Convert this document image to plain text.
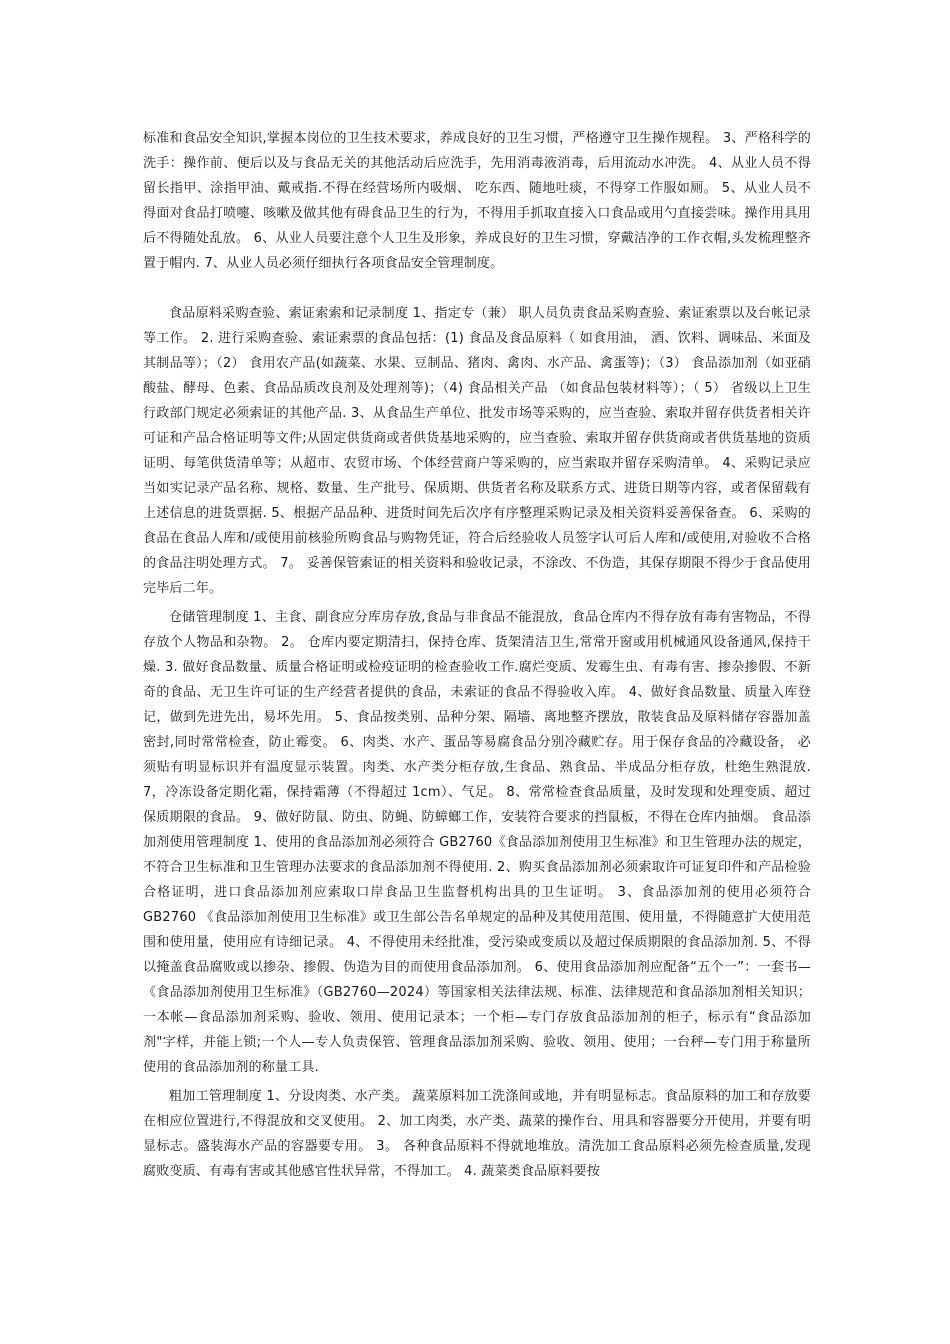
标准和食品安全知识,掌握本岗位的卫生技术要求，养成良好的卫生习惯，严格遵守卫生操作规程。 3、严格科学的洗手：操作前、便后以及与食品无关的其他活动后应洗手，先用消毒液消毒，后用流动水冲洗。 4、从业人员不得留长指甲、涂指甲油、戴戒指.不得在经营场所内吸烟、 吃东西、随地吐痰，不得穿工作服如厕。 5、从业人员不得面对食品打喷嚏、咳嗽及做其他有碍食品卫生的行为，不得用手抓取直接入口食品或用勺直接尝味。操作用具用后不得随处乱放。 6、从业人员要注意个人卫生及形象，养成良好的卫生习惯，穿戴洁净的工作衣帽,头发梳理整齐置于帽内. 7、从业人员必须仔细执行各项食品安全管理制度。

食品原料采购查验、索证索索和记录制度 1、指定专（兼） 职人员负责食品采购查验、索证索票以及台帐记录等工作。 2. 进行采购查验、索证索票的食品包括：(1) 食品及食品原料（ 如食用油， 酒、饮料、调味品、米面及其制品等）；（2） 食用农产品(如蔬菜、水果、豆制品、猪肉、禽肉、水产品、禽蛋等)；（3） 食品添加剂（如亚硝酸盐、酵母、色素、食品品质改良剂及处理剂等)；（4) 食品相关产品 （如食品包装材料等）；（ 5） 省级以上卫生行政部门规定必须索证的其他产品. 3、从食品生产单位、批发市场等采购的，应当查验、索取并留存供货者相关许可证和产品合格证明等文件;从固定供货商或者供货基地采购的，应当查验、索取并留存供货商或者供货基地的资质证明、每笔供货清单等；从超市、农贸市场、个体经营商户等采购的，应当索取并留存采购清单。 4、采购记录应当如实记录产品名称、规格、数量、生产批号、保质期、供货者名称及联系方式、进货日期等内容，或者保留载有上述信息的进货票据. 5、根据产品品种、进货时间先后次序有序整理采购记录及相关资料妥善保备查。 6、采购的食品在食品人库和/或使用前核验所购食品与购物凭证，符合后经验收人员签字认可后人库和/或使用,对验收不合格的食品注明处理方式。 7。 妥善保管索证的相关资料和验收记录，不涂改、不伪造，其保存期限不得少于食品使用完毕后二年。

仓储管理制度 1、主食、副食应分库房存放,食品与非食品不能混放，食品仓库内不得存放有毒有害物品，不得存放个人物品和杂物。 2。 仓库内要定期清扫，保持仓库、货架清洁卫生,常常开窗或用机械通风设备通风,保持干燥. 3. 做好食品数量、质量合格证明或检疫证明的检查验收工作.腐烂变质、发霉生虫、有毒有害、掺杂掺假、不新奇的食品、无卫生许可证的生产经营者提供的食品，未索证的食品不得验收入库。 4、做好食品数量、质量入库登记，做到先进先出，易坏先用。 5、食品按类别、品种分架、隔墙、离地整齐摆放，散装食品及原料储存容器加盖密封,同时常常检查，防止霉变。 6、肉类、水产、蛋品等易腐食品分别冷藏贮存。用于保存食品的冷藏设备， 必须贴有明显标识并有温度显示装置。肉类、水产类分柜存放,生食品、熟食品、半成品分柜存放，杜绝生熟混放. 7，冷冻设备定期化霜，保持霜薄（不得超过 1cm）、气足。 8、常常检查食品质量，及时发现和处理变质、超过保质期限的食品。 9、做好防鼠、防虫、防蝇、防蟑螂工作，安装符合要求的挡鼠板，不得在仓库内抽烟。 食品添加剂使用管理制度 1、使用的食品添加剂必须符合 GB2760《食品添加剂使用卫生标准》和卫生管理办法的规定，不符合卫生标准和卫生管理办法要求的食品添加剂不得使用. 2、购买食品添加剂必须索取许可证复印件和产品检验合格证明，进口食品添加剂应索取口岸食品卫生监督机构出具的卫生证明。 3、食品添加剂的使用必须符合GB2760 《食品添加剂使用卫生标准》或卫生部公告名单规定的品种及其使用范围、使用量，不得随意扩大使用范围和使用量，使用应有诗细记录。 4、不得使用未经批准，受污染或变质以及超过保质期限的食品添加剂. 5、不得以掩盖食品腐败或以掺杂、掺假、伪造为目的而使用食品添加剂。 6、使用食品添加剂应配备“五个一”：一套书—《食品添加剂使用卫生标准》（GB2760—2024）等国家相关法律法规、标准、法律规范和食品添加剂相关知识；一本帐—食品添加剂采购、验收、领用、使用记录本；一个柜—专门存放食品添加剂的柜子，标示有“食品添加剂"字样，并能上锁;一个人—专人负责保管、管理食品添加剂采购、验收、领用、使用；一台秤—专门用于称量所使用的食品添加剂的称量工具.

粗加工管理制度 1、分设肉类、水产类。 蔬菜原料加工洗涤间或地，并有明显标志。食品原料的加工和存放要在相应位置进行,不得混放和交叉使用。 2、加工肉类，水产类、蔬菜的操作台、用具和容器要分开使用，并要有明显标志。盛装海水产品的容器要专用。 3。 各种食品原料不得就地堆放。清洗加工食品原料必须先检查质量,发现腐败变质、有毒有害或其他感官性状异常，不得加工。 4. 蔬菜类食品原料要按
